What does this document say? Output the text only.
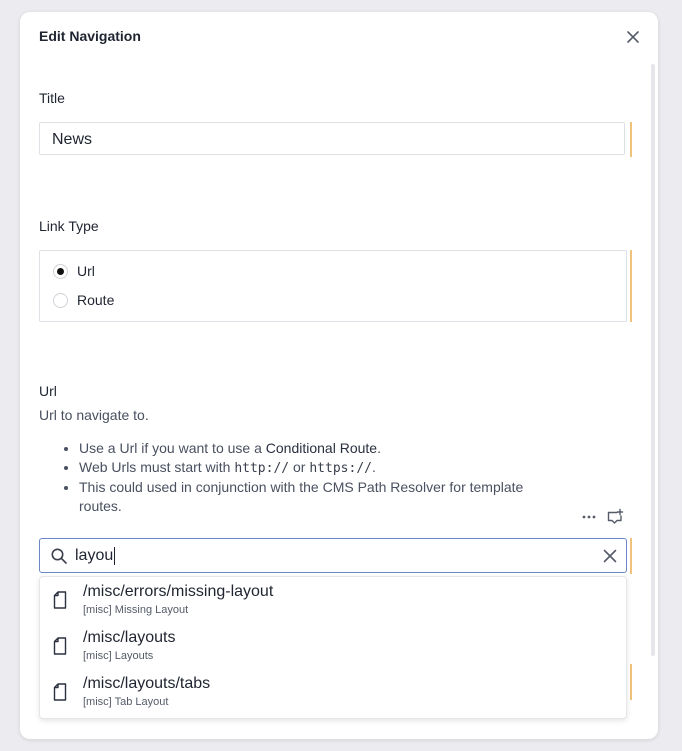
Edit Navigation
Title
News
Link Type
Url
Route
Url
Url to navigate to.
• Use a Url if you want to use a Conditional Route.
• Web Urls must start with http:// or https://.
• This could used in conjunction with the CMS Path Resolver for template routes.
layou
/misc/errors/missing-layout
[misc] Missing Layout
/misc/layouts
[misc] Layouts
/misc/layouts/tabs
[misc] Tab Layout
